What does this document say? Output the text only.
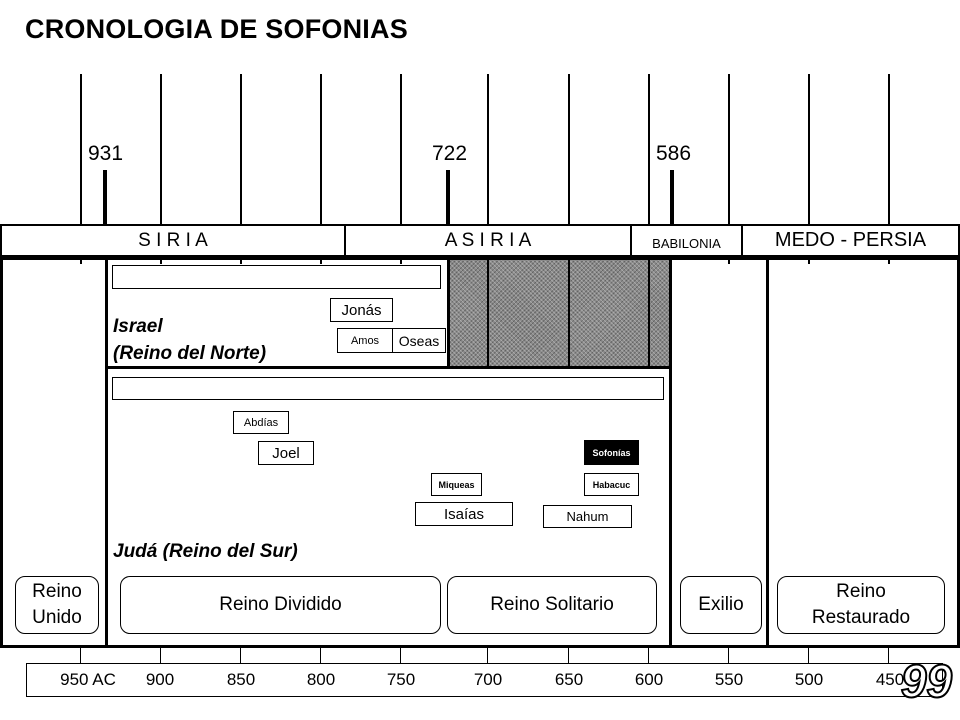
CRONOLOGIA DE SOFONIAS
931	722	586
S I R I A	A S I R I A	BABILONIA	MEDO - PERSIA
Jonás
Amos Oseas
Israel
(Reino del Norte)
Abdías
Joel	Sofonías
Miqueas	Habacuc
Isaías	Nahum
Judá (Reino del Sur)
Reino
Unido
Reino Dividido	Reino Solitario	Exilio
Reino
Restaurado
950 AC 900	850	800	750	700	650	600	550	500	450
99
